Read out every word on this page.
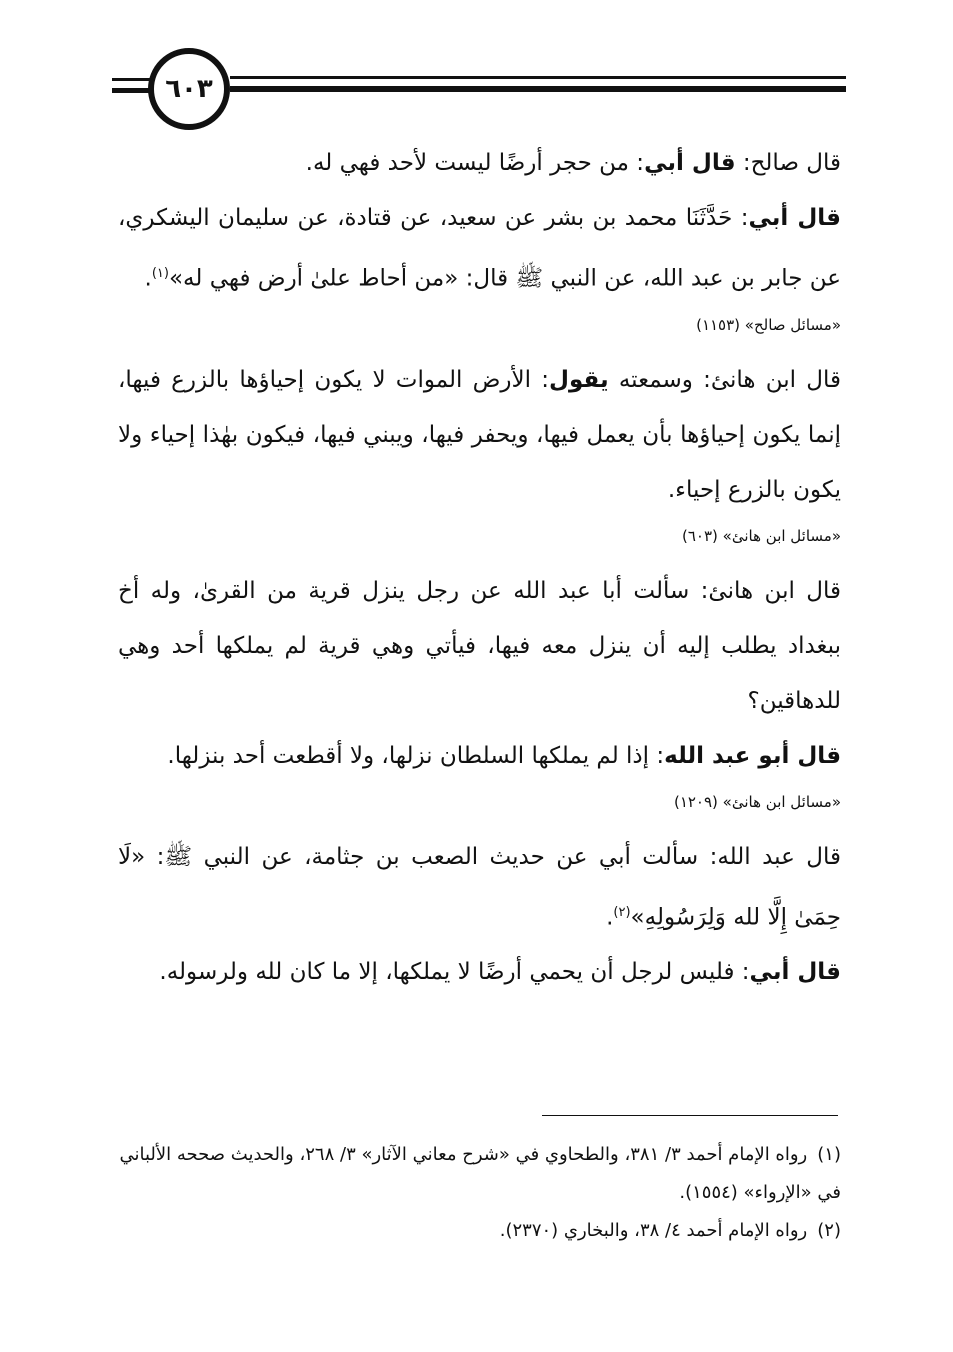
٦٠٣

قال صالح: قال أبي: من حجر أرضًا ليست لأحد فهي له.

قال أبي: حَدَّثَنَا محمد بن بشر عن سعيد، عن قتادة، عن سليمان اليشكري، عن جابر بن عبد الله، عن النبي ﷺ قال: «من أحاط علىٰ أرض فهي له»$^{(١)}$.

«مسائل صالح» (١١٥٣)

قال ابن هانئ: وسمعته يقول: الأرض الموات لا يكون إحياؤها بالزرع فيها، إنما يكون إحياؤها بأن يعمل فيها، ويحفر فيها، ويبني فيها، فيكون بهٰذا إحياء ولا يكون بالزرع إحياء.

«مسائل ابن هانئ» (٦٠٣)

قال ابن هانئ: سألت أبا عبد الله عن رجل ينزل قرية من القرىٰ، وله أخ ببغداد يطلب إليه أن ينزل معه فيها، فيأتي وهي قرية لم يملكها أحد وهي للدهاقين؟

قال أبو عبد الله: إذا لم يملكها السلطان نزلها، ولا أقطعت أحد بنزلها.

«مسائل ابن هانئ» (١٢٠٩)

قال عبد الله: سألت أبي عن حديث الصعب بن جثامة، عن النبي ﷺ: «لَا حِمَىٰ إِلَّا لله وَلِرَسُولِهِ»$^{(٢)}$.

قال أبي: فليس لرجل أن يحمي أرضًا لا يملكها، إلا ما كان لله ولرسوله.

(١)رواه الإمام أحمد ٣/ ٣٨١، والطحاوي في «شرح معاني الآثار» ٣/ ٢٦٨، والحديث صححه الألباني في «الإرواء» (١٥٥٤).

(٢)رواه الإمام أحمد ٤/ ٣٨، والبخاري (٢٣٧٠).
